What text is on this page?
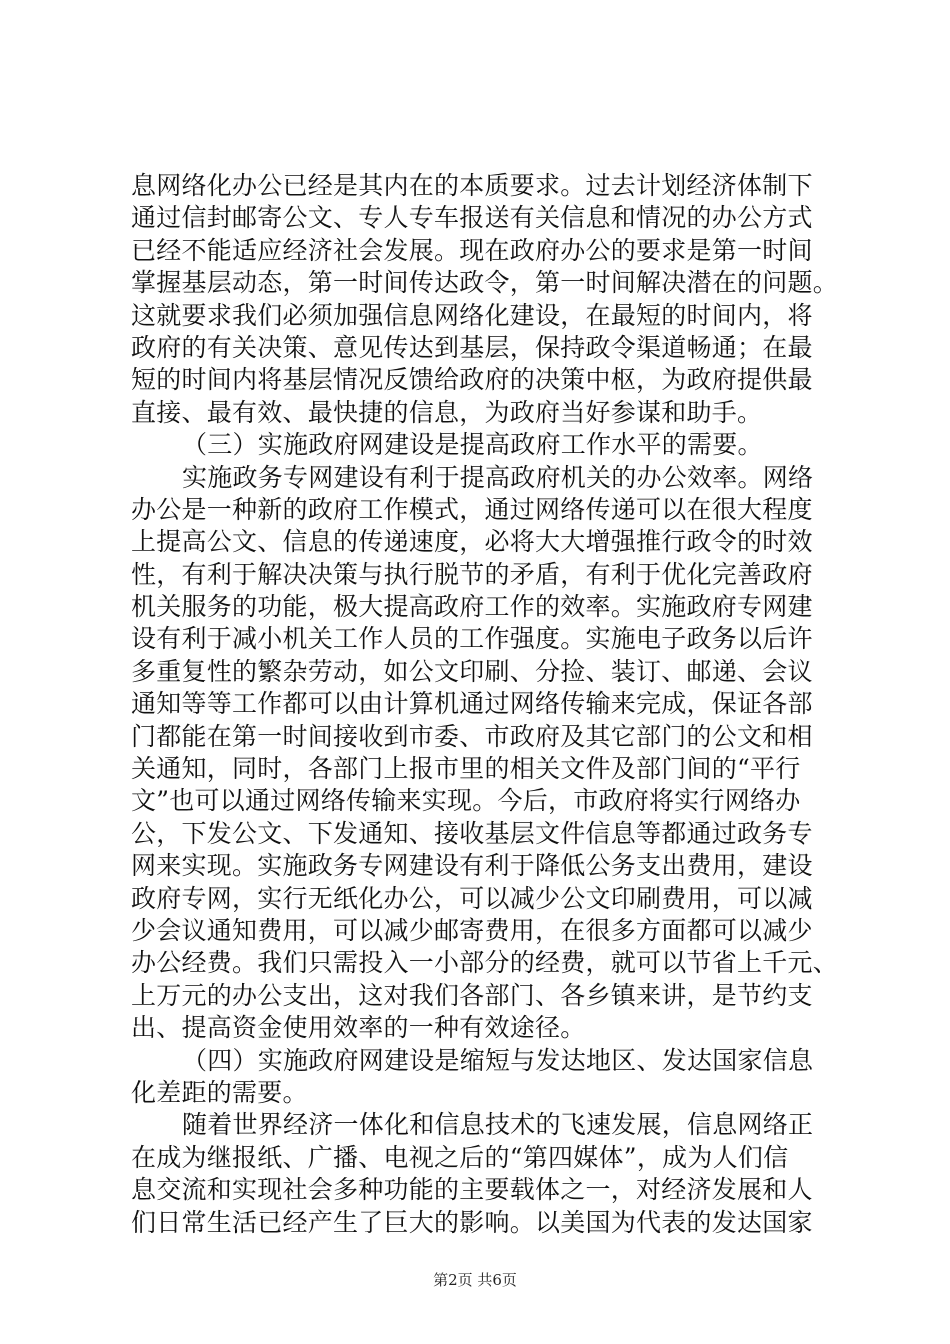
息网络化办公已经是其内在的本质要求。过去计划经济体制下
通过信封邮寄公文、专人专车报送有关信息和情况的办公方式
已经不能适应经济社会发展。现在政府办公的要求是第一时间
掌握基层动态，第一时间传达政令，第一时间解决潜在的问题。
这就要求我们必须加强信息网络化建设，在最短的时间内，将
政府的有关决策、意见传达到基层，保持政令渠道畅通；在最
短的时间内将基层情况反馈给政府的决策中枢，为政府提供最
直接、最有效、最快捷的信息，为政府当好参谋和助手。
（三）实施政府网建设是提高政府工作水平的需要。
实施政务专网建设有利于提高政府机关的办公效率。网络
办公是一种新的政府工作模式，通过网络传递可以在很大程度
上提高公文、信息的传递速度，必将大大增强推行政令的时效
性，有利于解决决策与执行脱节的矛盾，有利于优化完善政府
机关服务的功能，极大提高政府工作的效率。实施政府专网建
设有利于减小机关工作人员的工作强度。实施电子政务以后许
多重复性的繁杂劳动，如公文印刷、分捡、装订、邮递、会议
通知等等工作都可以由计算机通过网络传输来完成，保证各部
门都能在第一时间接收到市委、市政府及其它部门的公文和相
关通知，同时，各部门上报市里的相关文件及部门间的“平行
文”也可以通过网络传输来实现。今后，市政府将实行网络办
公，下发公文、下发通知、接收基层文件信息等都通过政务专
网来实现。实施政务专网建设有利于降低公务支出费用，建设
政府专网，实行无纸化办公，可以减少公文印刷费用，可以减
少会议通知费用，可以减少邮寄费用，在很多方面都可以减少
办公经费。我们只需投入一小部分的经费，就可以节省上千元、
上万元的办公支出，这对我们各部门、各乡镇来讲，是节约支
出、提高资金使用效率的一种有效途径。
（四）实施政府网建设是缩短与发达地区、发达国家信息
化差距的需要。
随着世界经济一体化和信息技术的飞速发展，信息网络正
在成为继报纸、广播、电视之后的“第四媒体”，成为人们信
息交流和实现社会多种功能的主要载体之一，对经济发展和人
们日常生活已经产生了巨大的影响。以美国为代表的发达国家
第2页 共6页
